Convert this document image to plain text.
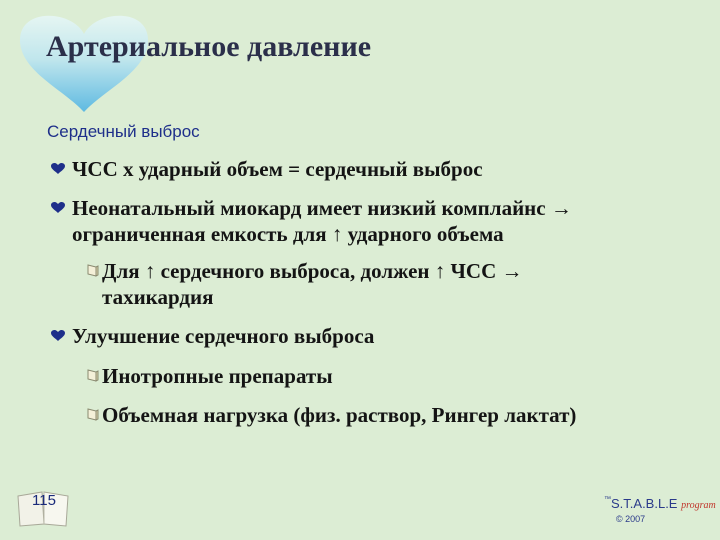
Артериальное давление
Сердечный выброс
ЧСС х ударный объем = сердечный выброс
Неонатальный миокард имеет низкий комплайнс →
ограниченная емкость для ↑ ударного объема
Для ↑ сердечного выброса, должен ↑ ЧСС →
тахикардия
Улучшение сердечного выброса
Инотропные препараты
Объемная нагрузка (физ. раствор, Рингер лактат)
115	™S.T.A.B.L.E program
© 2007
